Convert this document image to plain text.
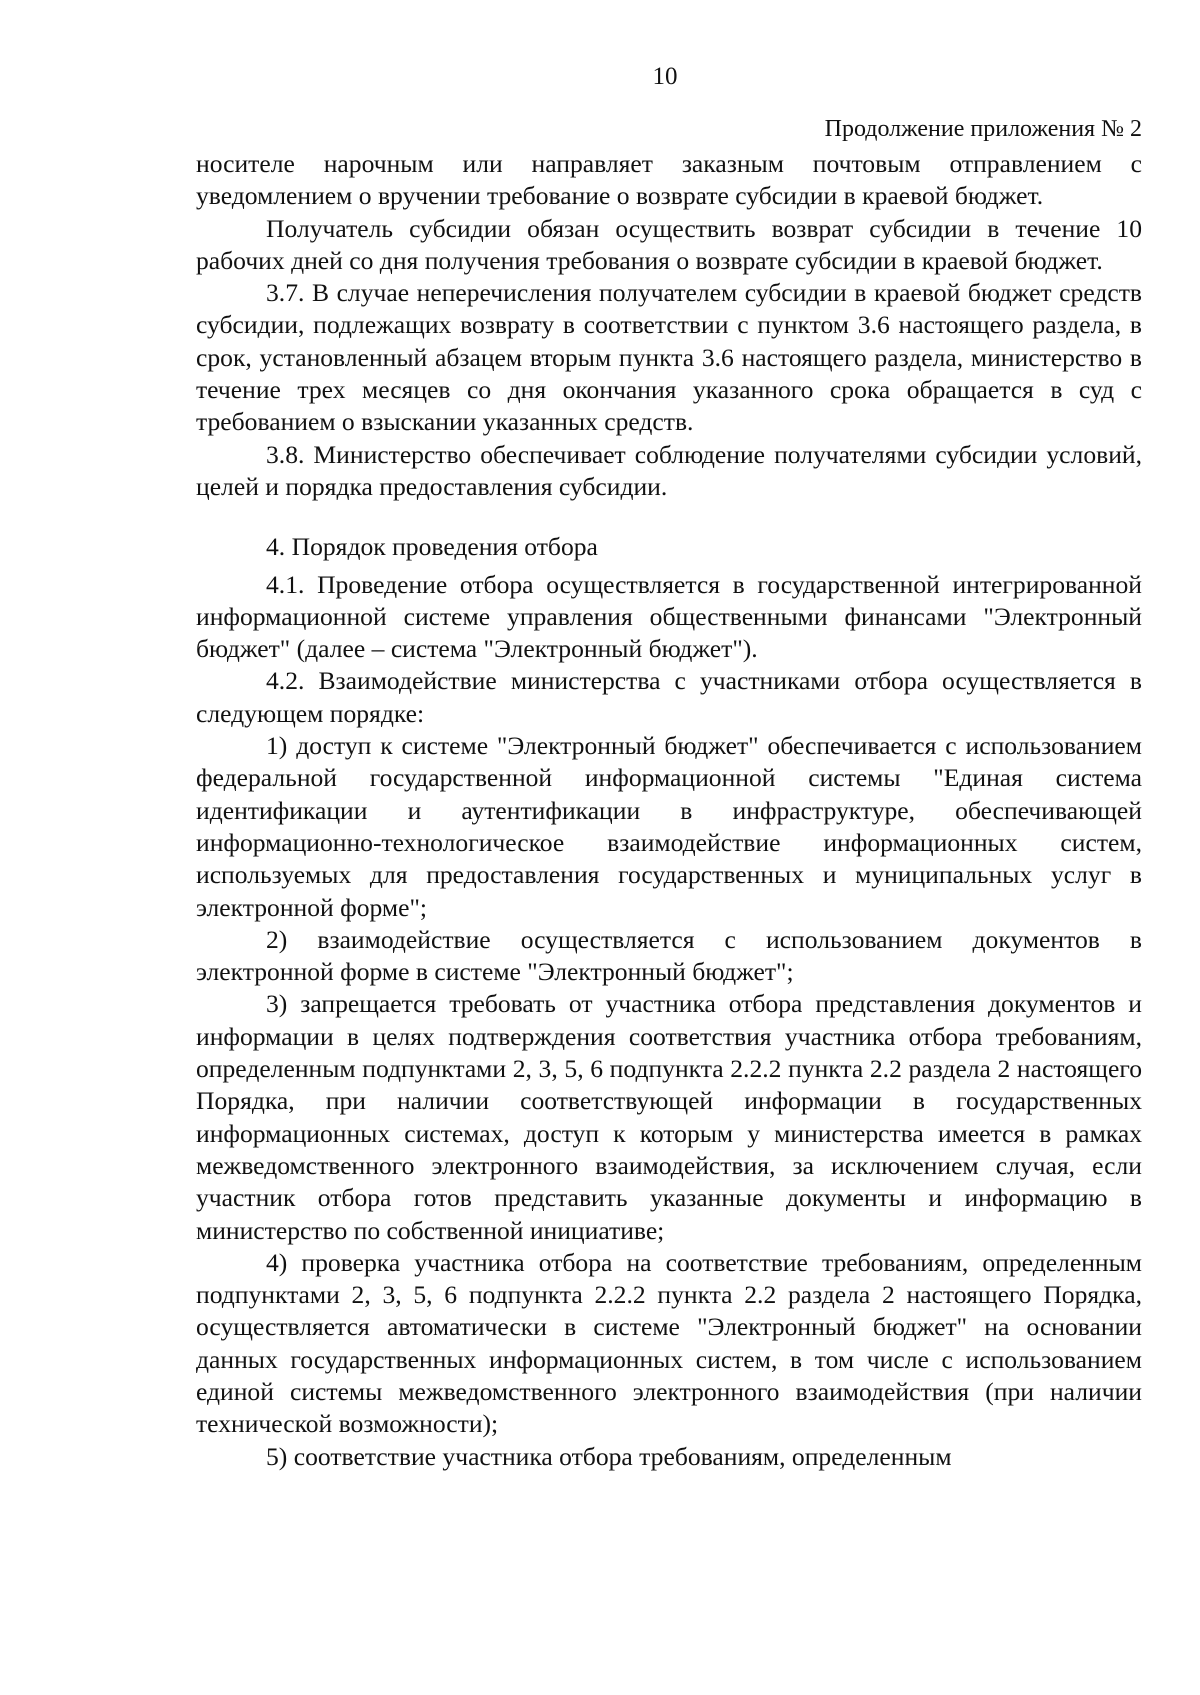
10
Продолжение приложения № 2

носителе нарочным или направляет заказным почтовым отправлением с уведомлением о вручении требование о возврате субсидии в краевой бюджет.

Получатель субсидии обязан осуществить возврат субсидии в течение 10 рабочих дней со дня получения требования о возврате субсидии в краевой бюджет.

3.7. В случае неперечисления получателем субсидии в краевой бюджет средств субсидии, подлежащих возврату в соответствии с пунктом 3.6 настоящего раздела, в срок, установленный абзацем вторым пункта 3.6 настоящего раздела, министерство в течение трех месяцев со дня окончания указанного срока обращается в суд с требованием о взыскании указанных средств.

3.8. Министерство обеспечивает соблюдение получателями субсидии условий, целей и порядка предоставления субсидии.

4. Порядок проведения отбора

4.1. Проведение отбора осуществляется в государственной интегрированной информационной системе управления общественными финансами "Электронный бюджет" (далее – система "Электронный бюджет").

4.2. Взаимодействие министерства с участниками отбора осуществляется в следующем порядке:

1) доступ к системе "Электронный бюджет" обеспечивается с использованием федеральной государственной информационной системы "Единая система идентификации и аутентификации в инфраструктуре, обеспечивающей информационно-технологическое взаимодействие информационных систем, используемых для предоставления государственных и муниципальных услуг в электронной форме";

2) взаимодействие осуществляется с использованием документов в электронной форме в системе "Электронный бюджет";

3) запрещается требовать от участника отбора представления документов и информации в целях подтверждения соответствия участника отбора требованиям, определенным подпунктами 2, 3, 5, 6 подпункта 2.2.2 пункта 2.2 раздела 2 настоящего Порядка, при наличии соответствующей информации в государственных информационных системах, доступ к которым у министерства имеется в рамках межведомственного электронного взаимодействия, за исключением случая, если участник отбора готов представить указанные документы и информацию в министерство по собственной инициативе;

4) проверка участника отбора на соответствие требованиям, определенным подпунктами 2, 3, 5, 6 подпункта 2.2.2 пункта 2.2 раздела 2 настоящего Порядка, осуществляется автоматически в системе "Электронный бюджет" на основании данных государственных информационных систем, в том числе с использованием единой системы межведомственного электронного взаимодействия (при наличии технической возможности);

5) соответствие участника отбора требованиям, определенным
